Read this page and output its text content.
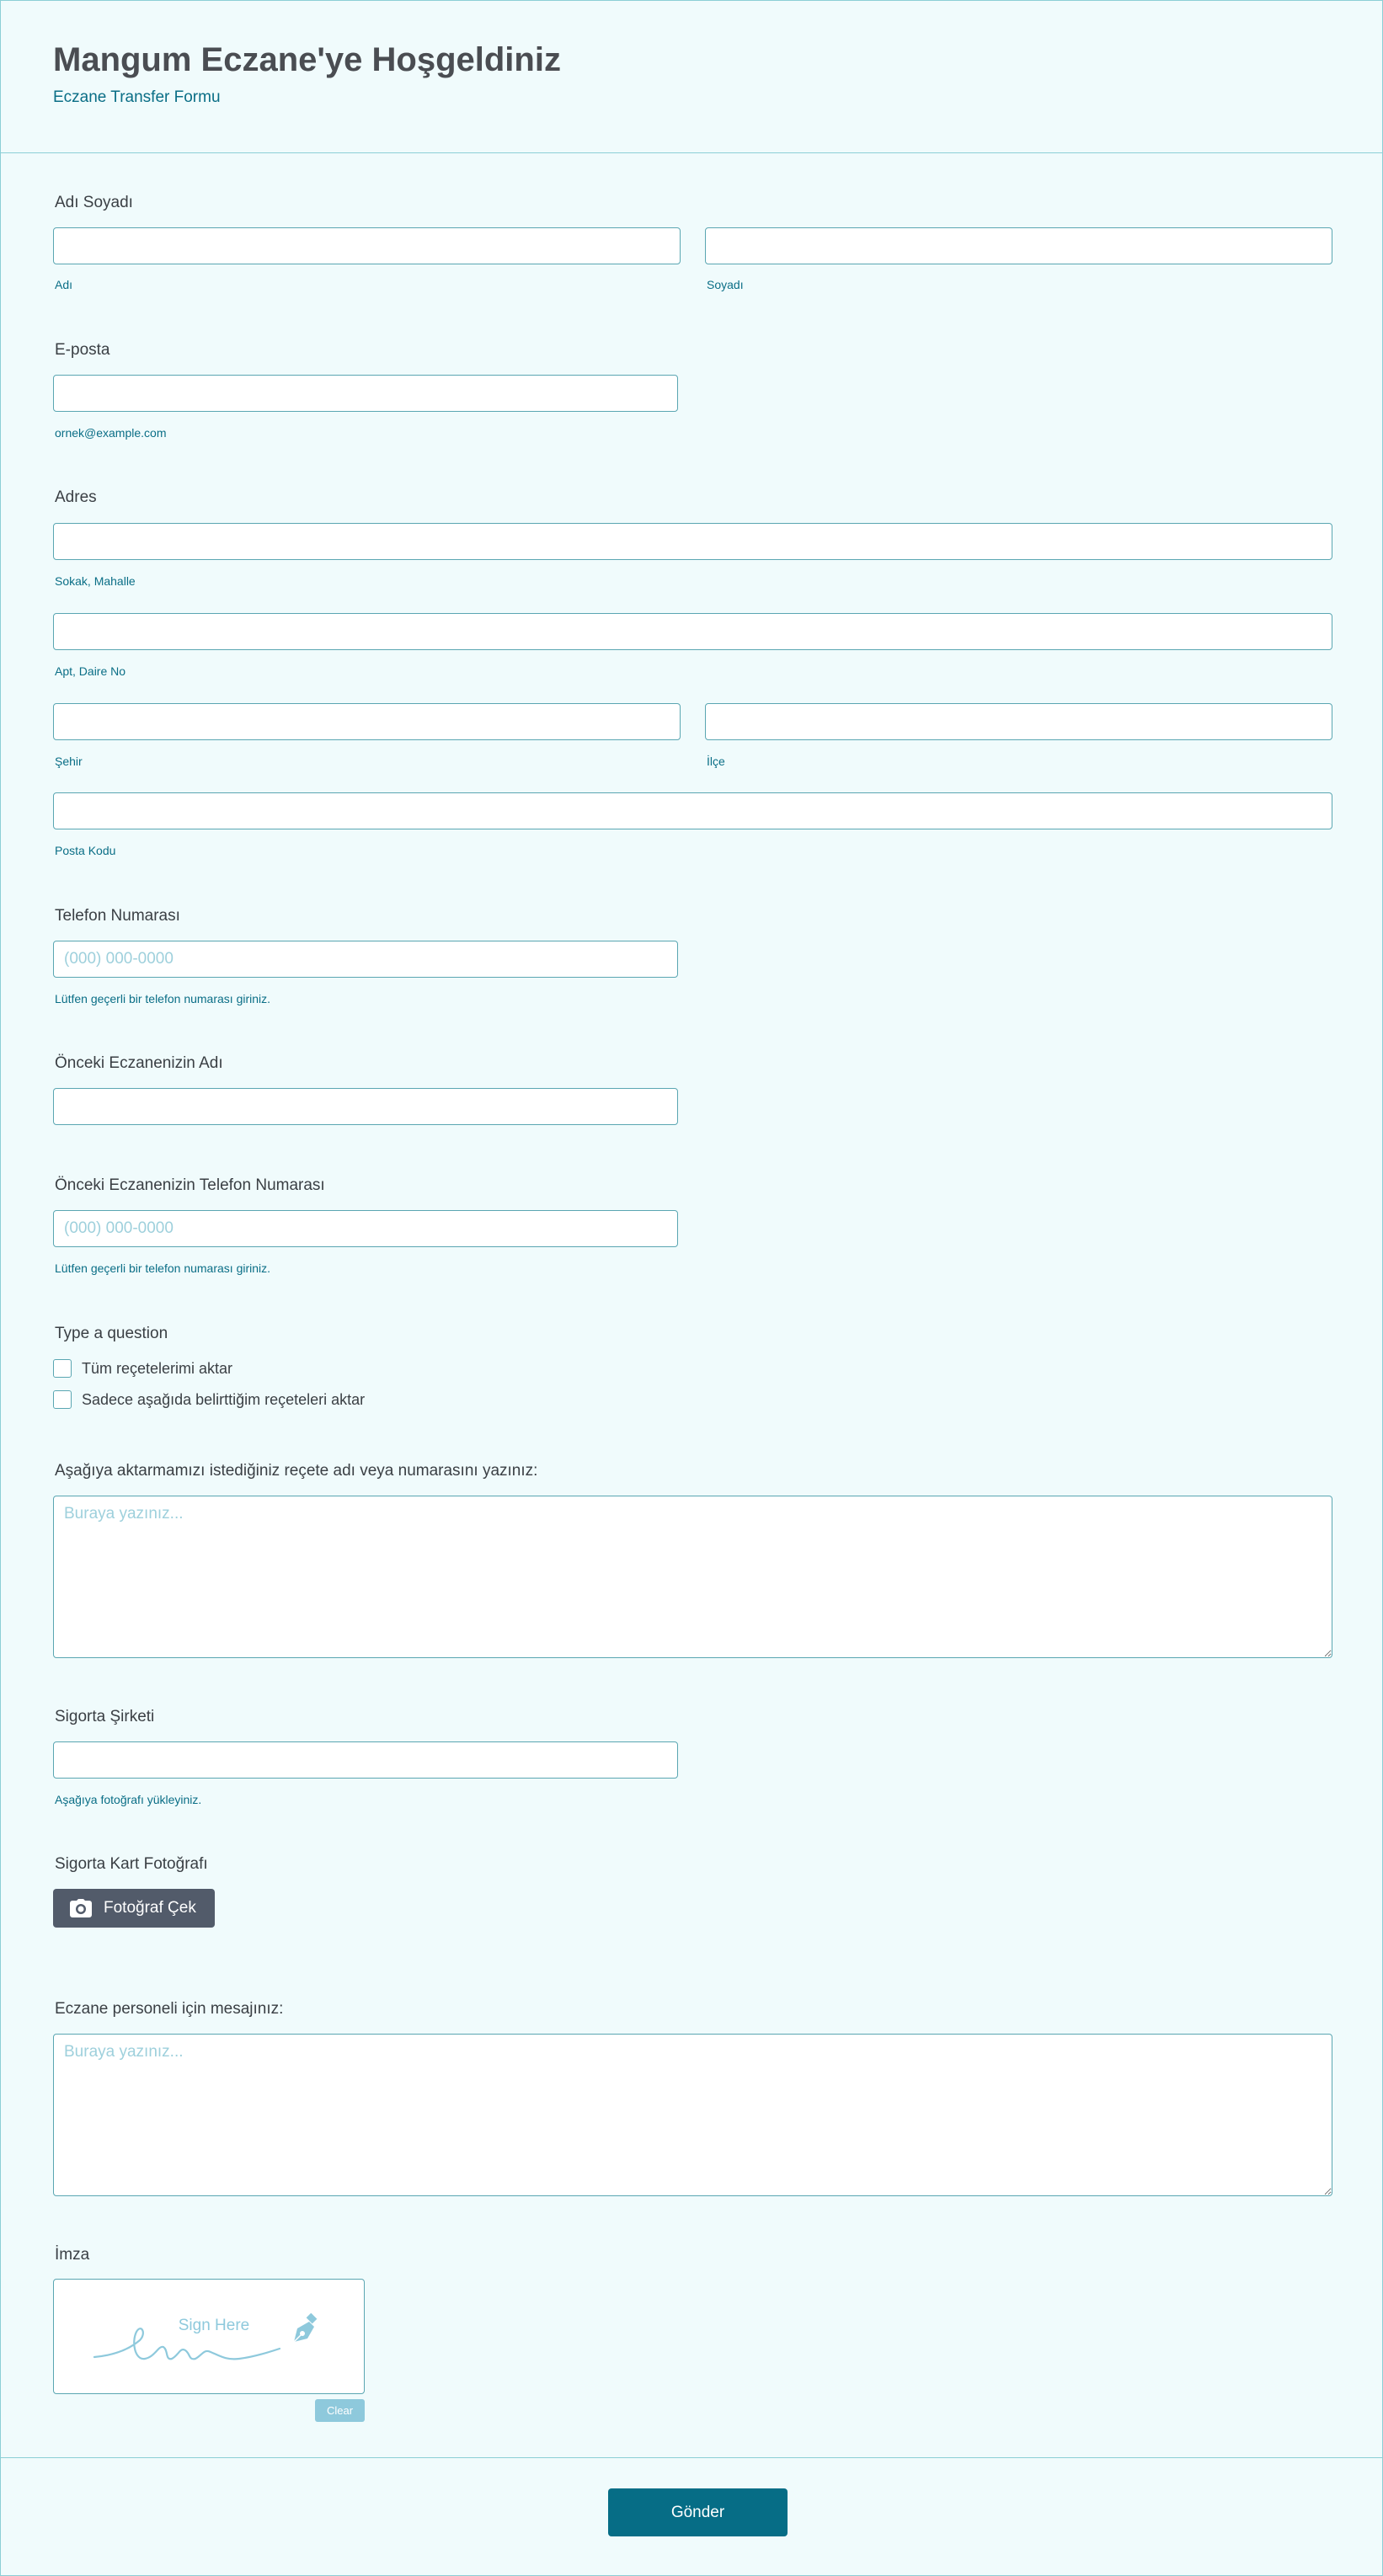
Mangum Eczane'ye Hoşgeldiniz
Eczane Transfer Formu
Adı Soyadı
Adı	Soyadı
E-posta
ornek@example.com
Adres
Sokak, Mahalle
Apt, Daire No
Şehir	İlçe
Posta Kodu
Telefon Numarası
(000) 000-0000
Lütfen geçerli bir telefon numarası giriniz.
Önceki Eczanenizin Adı
Önceki Eczanenizin Telefon Numarası
(000) 000-0000
Lütfen geçerli bir telefon numarası giriniz.
Type a question
Tüm reçetelerimi aktar
Sadece aşağıda belirttiğim reçeteleri aktar
Aşağıya aktarmamızı istediğiniz reçete adı veya numarasını yazınız:
Buraya yazınız...
Sigorta Şirketi
Aşağıya fotoğrafı yükleyiniz.
Sigorta Kart Fotoğrafı
Fotoğraf Çek
Eczane personeli için mesajınız:
Buraya yazınız...
İmza
Sign Here
Clear
Gönder
